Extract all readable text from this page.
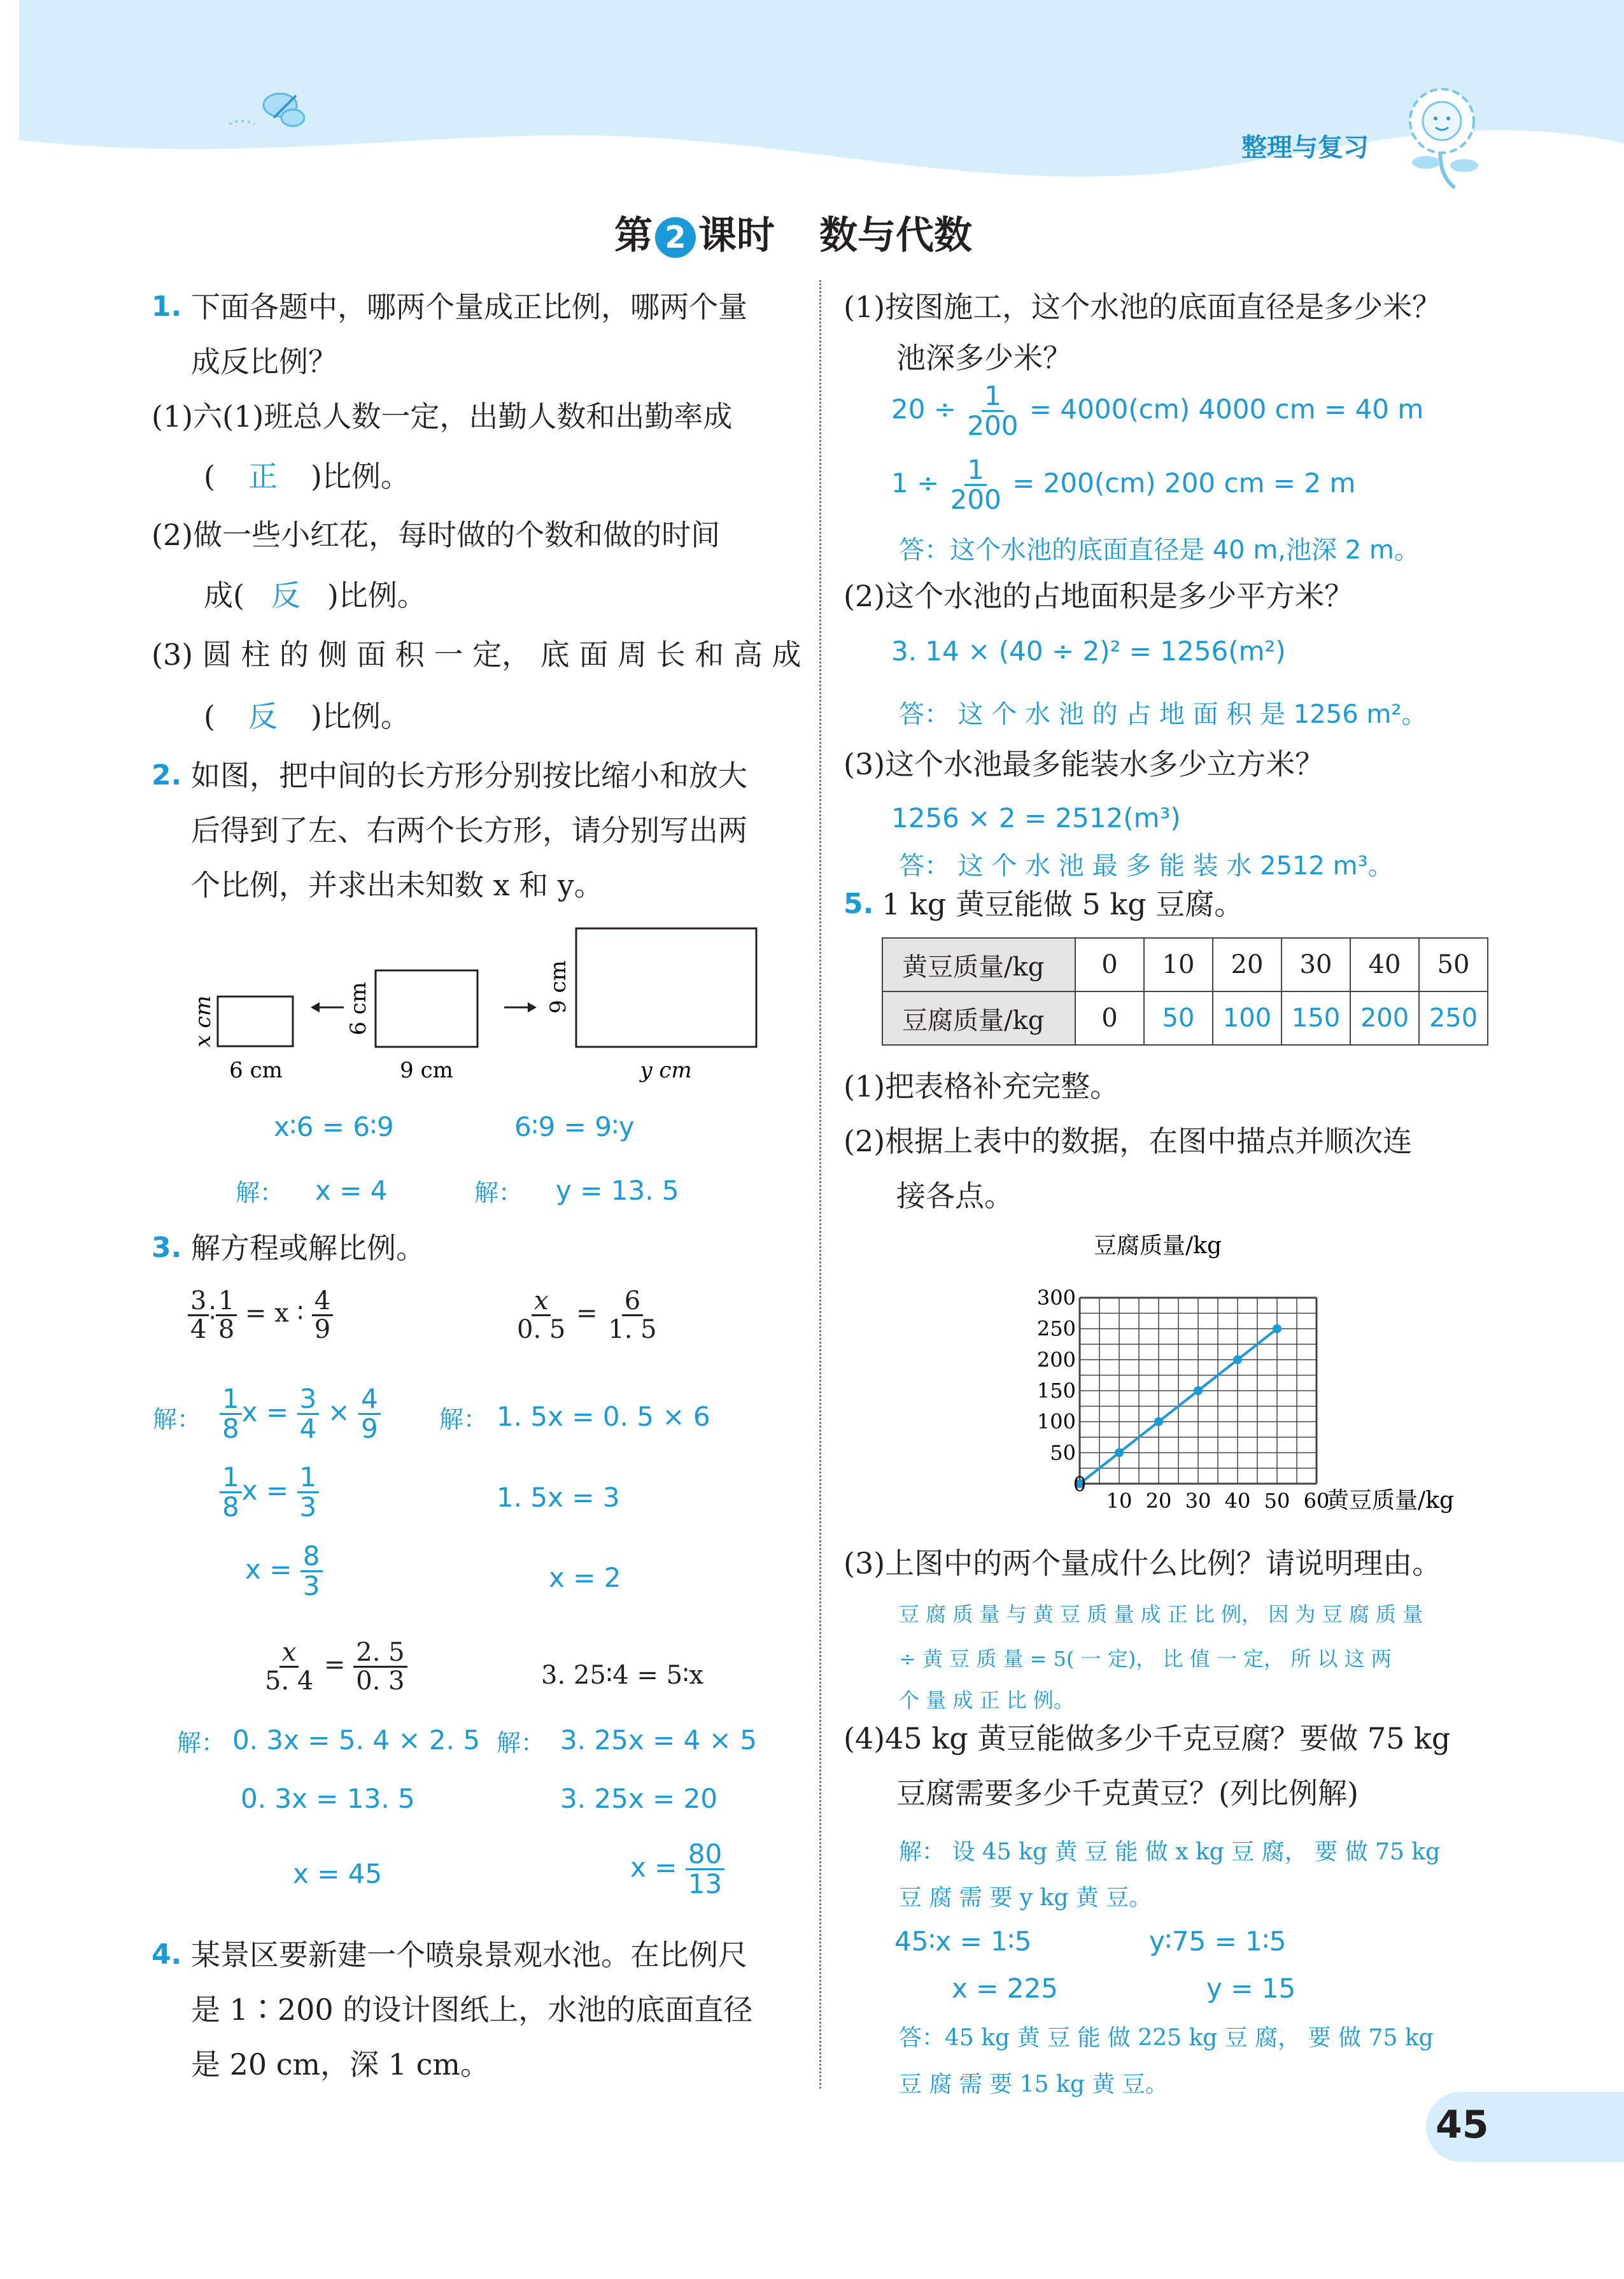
整理与复习
第 2 课时 数与代数
1. 下面各题中，哪两个量成正比例，哪两个量
成反比例？
(1)六(1)班总人数一定，出勤人数和出勤率成
( 正 )比例。
(2)做一些小红花，每时做的个数和做的时间
成( 反 )比例。
(3) 圆 柱 的 侧 面 积 一 定， 底 面 周 长 和 高 成
( 反 )比例。
2. 如图，把中间的长方形分别按比缩小和放大
后得到了左、右两个长方形，请分别写出两
个比例，并求出未知数 x 和 y。
6 cm	9 cm	y cm
x cm	6 cm	9 cm
x∶6 = 6∶9	6∶9 = 9∶y
解： x = 4	解： y = 13. 5
3. 解方程或解比例。
$\frac{3}{4}$ ∶ $\frac{1}{8} = x$ ∶ $\frac{4}{9}$	$\frac{x}{0. 5} = \frac{6}{1. 5}$
解： $\frac{1}{8}$ $x = \frac{3}{4} \times \frac{4}{9}$
$\frac{1}{8}$ $x = \frac{1}{3}$
$x = \frac{8}{3}$
解： 1. 5x = 0. 5 × 6
1. 5x = 3
x = 2
$\frac{x}{5. 4} = \frac{2. 5}{0. 3}$	3. 25∶4 = 5∶x
解： 0. 3x = 5. 4 × 2. 5
0. 3x = 13. 5
x = 45
解： 3. 25x = 4 × 5
3. 25x = 20
$x = \frac{80}{13}$
4. 某景区要新建一个喷泉景观水池。在比例尺
是 1∶200 的设计图纸上，水池的底面直径
是 20 cm，深 1 cm。
(1)按图施工，这个水池的底面直径是多少米？
池深多少米？
$20 \div \frac{1}{200} = 4000(cm)$ 4000 cm = 40 m
$1 \div \frac{1}{200} = 200(cm)$ 200 cm = 2 m
答：这个水池的底面直径是 40 m,池深 2 m。
(2)这个水池的占地面积是多少平方米？
3. 14 × (40 ÷ 2)² = 1256(m²)
答： 这 个 水 池 的 占 地 面 积 是 1256 m²。
(3)这个水池最多能装水多少立方米？
1256 × 2 = 2512(m³)
答： 这 个 水 池 最 多 能 装 水 2512 m³。
5. 1 kg 黄豆能做 5 kg 豆腐。
黄豆质量/kg	0	10	20	30	40	50
豆腐质量/kg	0	50	100	150	200	250
(1)把表格补充完整。
(2)根据上表中的数据，在图中描点并顺次连
接各点。
10 20 30 40 50 60
50
100
150
200
250
300
豆腐质量/kg
黄豆质量/kg
0
(3)上图中的两个量成什么比例？请说明理由。
豆 腐 质 量 与 黄 豆 质 量 成 正 比 例， 因 为 豆 腐 质 量
÷ 黄 豆 质 量 = 5( 一 定)， 比 值 一 定， 所 以 这 两
个 量 成 正 比 例。
(4)45 kg 黄豆能做多少千克豆腐？要做 75 kg
豆腐需要多少千克黄豆？(列比例解)
解： 设 45 kg 黄 豆 能 做 x kg 豆 腐， 要 做 75 kg
豆 腐 需 要 y kg 黄 豆。
45∶x = 1∶5	y∶75 = 1∶5
x = 225	y = 15
答：45 kg 黄 豆 能 做 225 kg 豆 腐， 要 做 75 kg
豆 腐 需 要 15 kg 黄 豆。
45
